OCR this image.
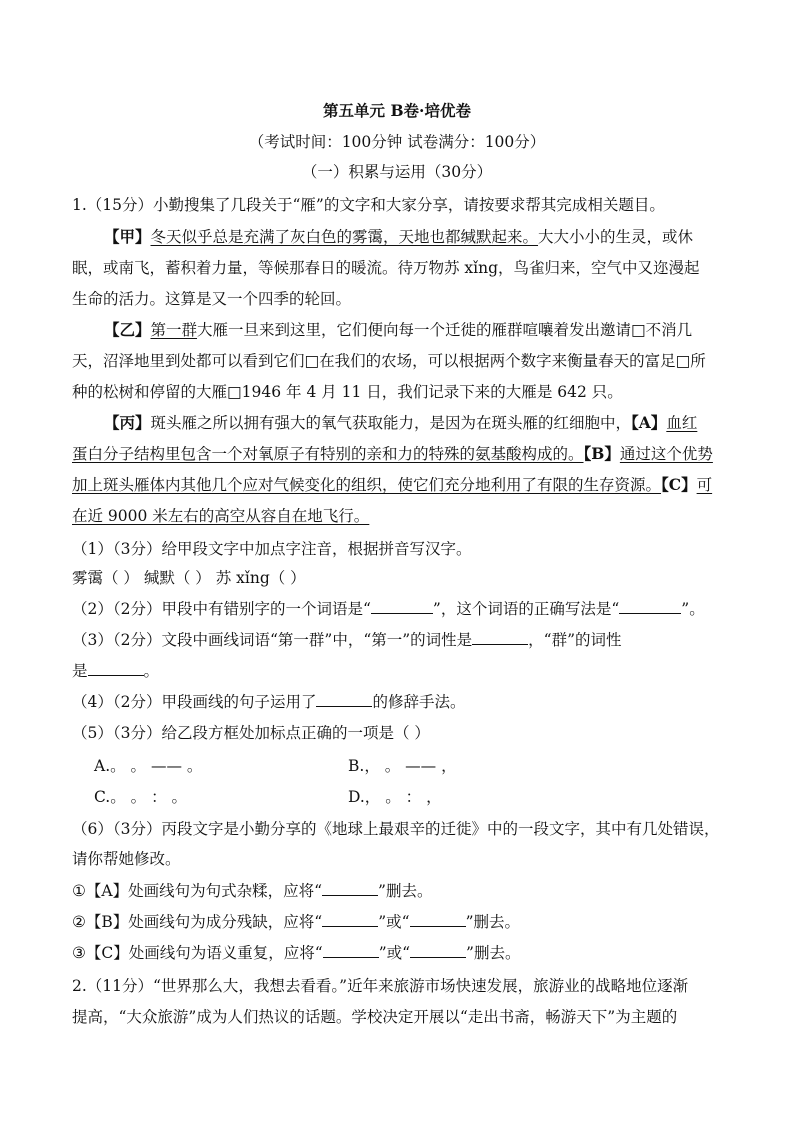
第五单元 B卷·培优卷
（考试时间：100分钟 试卷满分：100分）
（一）积累与运用（30分）
1.（15分）小勤搜集了几段关于“雁”的文字和大家分享，请按要求帮其完成相关题目。
【甲】冬天似乎总是充满了灰白色的雾霭，天地也都缄默起来。大大小小的生灵，或休
眠，或南飞，蓄积着力量，等候那春日的暖流。待万物苏 xǐng，鸟雀归来，空气中又迩漫起
生命的活力。这算是又一个四季的轮回。
【乙】第一群大雁一旦来到这里，它们便向每一个迁徙的雁群喧嚷着发出邀请□不消几
天，沼泽地里到处都可以看到它们□在我们的农场，可以根据两个数字来衡量春天的富足□所
种的松树和停留的大雁□1946 年 4 月 11 日，我们记录下来的大雁是 642 只。
【丙】斑头雁之所以拥有强大的氧气获取能力，是因为在斑头雁的红细胞中，【A】血红
蛋白分子结构里包含一个对氧原子有特别的亲和力的特殊的氨基酸构成的。【B】通过这个优势
加上斑头雁体内其他几个应对气候变化的组织，使它们充分地利用了有限的生存资源。【C】可
在近 9000 米左右的高空从容自在地飞行。
（1）（3分）给甲段文字中加点字注音，根据拼音写汉字。
雾霭（ ） 缄默（ ） 苏 xǐng（ ）
（2）（2分）甲段中有错别字的一个词语是“	”，这个词语的正确写法是“	”。
（3）（2分）文段中画线词语“第一群”中，“第一”的词性是	，“群”的词性
是	。
（4）（2分）甲段画线的句子运用了	的修辞手法。
（5）（3分）给乙段方框处加标点正确的一项是（ ）
A.。 。 —— 。	B.， 。 —— ，
C.。 。 ： 。	D.， 。 ： ，
（6）（3分）丙段文字是小勤分享的《地球上最艰辛的迁徙》中的一段文字，其中有几处错误，
请你帮她修改。
①【A】处画线句为句式杂糅，应将“	”删去。
②【B】处画线句为成分残缺，应将“	”或“	”删去。
③【C】处画线句为语义重复，应将“	”或“	”删去。
2.（11分）“世界那么大，我想去看看。”近年来旅游市场快速发展，旅游业的战略地位逐渐
提高，“大众旅游”成为人们热议的话题。学校决定开展以“走出书斋，畅游天下”为主题的
